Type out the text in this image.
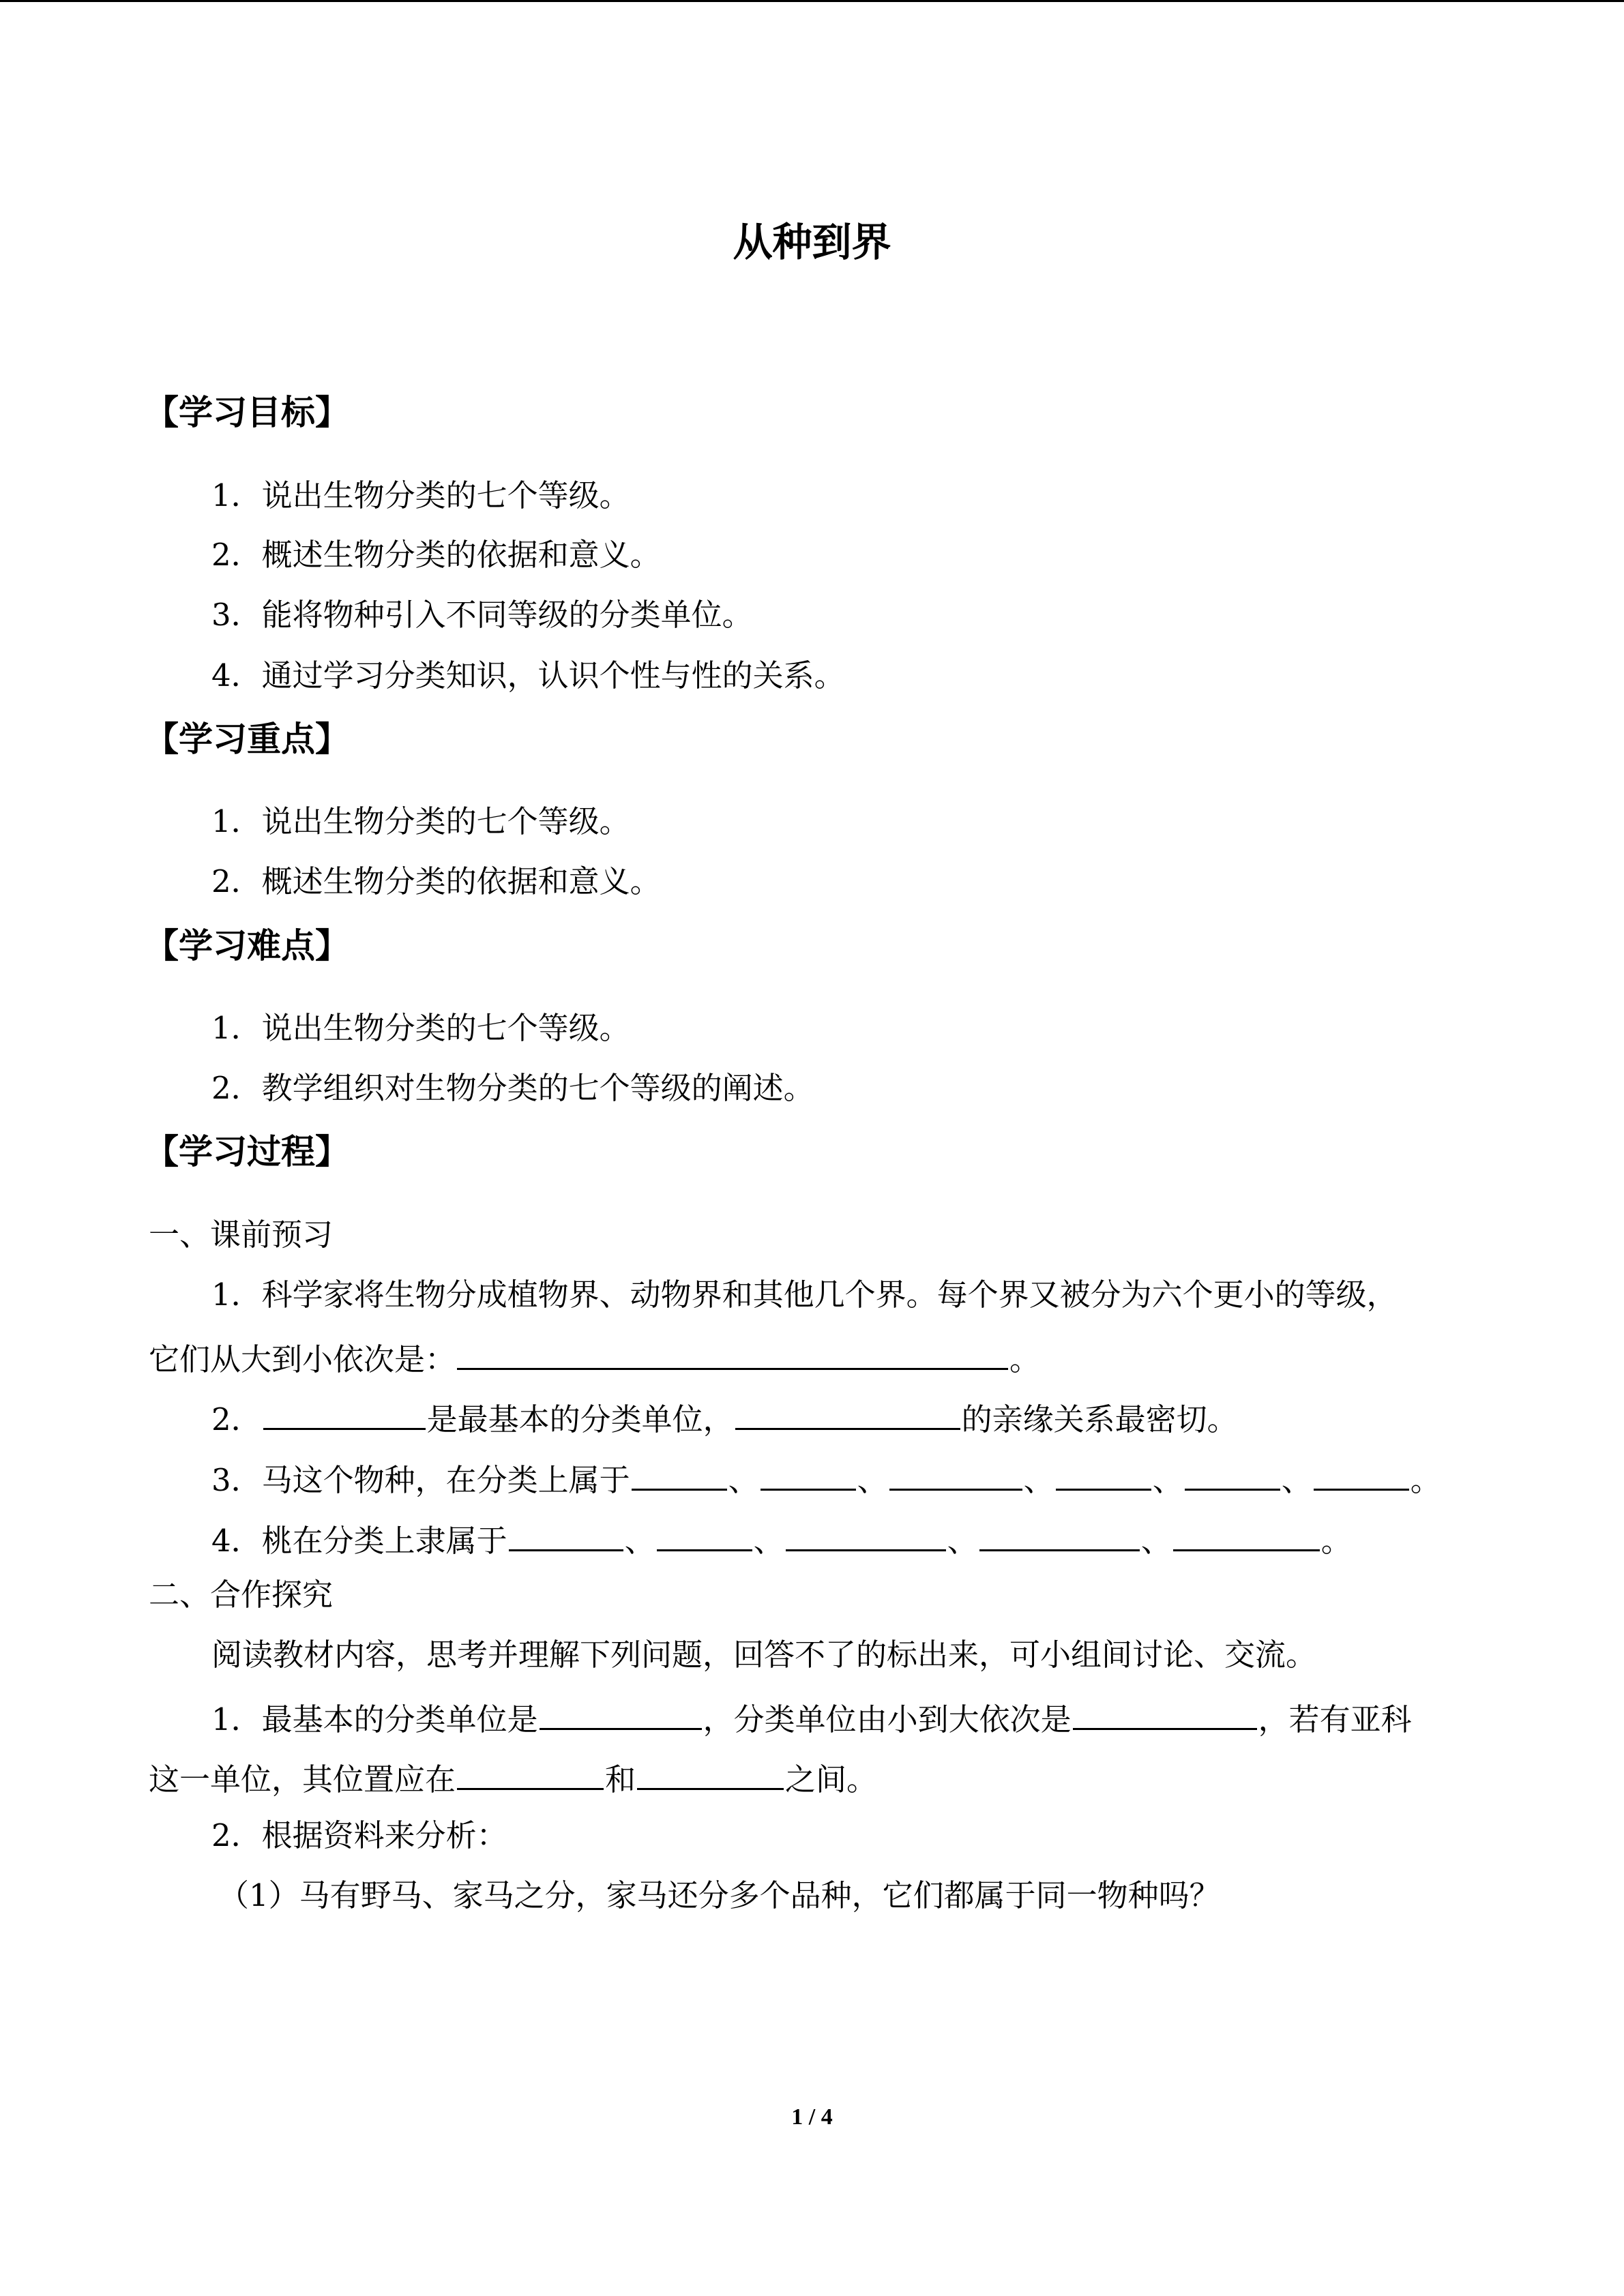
从种到界
【学习目标】
1．说出生物分类的七个等级。
2．概述生物分类的依据和意义。
3．能将物种引入不同等级的分类单位。
4．通过学习分类知识，认识个性与性的关系。
【学习重点】
1．说出生物分类的七个等级。
2．概述生物分类的依据和意义。
【学习难点】
1．说出生物分类的七个等级。
2．教学组织对生物分类的七个等级的阐述。
【学习过程】
一、课前预习
1．科学家将生物分成植物界、动物界和其他几个界。每个界又被分为六个更小的等级，
它们从大到小依次是：	。
2．	是最基本的分类单位，	的亲缘关系最密切。
3．马这个物种，在分类上属于	、	、	、	、	、	。
4．桃在分类上隶属于	、	、	、	、	。
二、合作探究
阅读教材内容，思考并理解下列问题，回答不了的标出来，可小组间讨论、交流。
1．最基本的分类单位是	，分类单位由小到大依次是	，若有亚科
这一单位，其位置应在	和	之间。
2．根据资料来分析：
（1）马有野马、家马之分，家马还分多个品种，它们都属于同一物种吗？
1 / 4
